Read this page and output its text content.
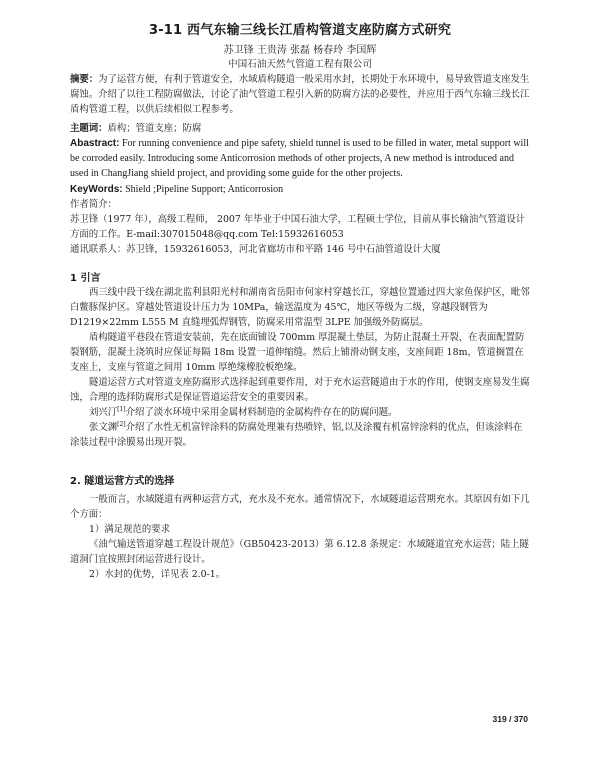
3-11 西气东输三线长江盾构管道支座防腐方式研究
苏卫锋 王贵涛 张磊 杨春玲 李国辉
中国石油天然气管道工程有限公司

摘要：为了运营方便，有利于管道安全，水域盾构隧道一般采用水封，长期处于水环境中，易导致管道支座发生腐蚀。介绍了以往工程防腐做法，讨论了油气管道工程引入新的防腐方法的必要性，并应用于西气东输三线长江盾构管道工程，以供后续相似工程参考。

主题词：盾构；管道支座；防腐

Abastract: For running convenience and pipe safety, shield tunnel is used to be filled in water, metal support will be corroded easily. Introducing some Anticorrosion methods of other projects, A new method is introduced and used in ChangJiang shield project, and providing some guide for the other projects.

KeyWords: Shield ;Pipeline Support; Anticorrosion

作者简介：

苏卫锋（1977 年），高级工程师， 2007 年毕业于中国石油大学，工程硕士学位，目前从事长输油气管道设计方面的工作。E-mail:307015048@qq.com Tel:15932616053

通讯联系人：苏卫锋，15932616053，河北省廊坊市和平路 146 号中石油管道设计大厦

1 引言

西三线中段干线在湖北监利县阳光村和湖南省岳阳市何家村穿越长江，穿越位置通过四大家鱼保护区，毗邻白鳖豚保护区。穿越处管道设计压力为 10MPa，输送温度为 45℃，地区等级为二级，穿越段钢管为 D1219×22mm L555 M 直缝埋弧焊钢管，防腐采用常温型 3LPE 加强级外防腐层。

盾构隧道平巷段在管道安装前，先在底面铺设 700mm 厚混凝土垫层，为防止混凝土开裂，在表面配置防裂钢筋，混凝土浇筑时应保证每隔 18m 设置一道伸缩缝。然后上铺滑动钢支座，支座间距 18m，管道搁置在支座上，支座与管道之间用 10mm 厚绝缘橡胶板绝缘。

隧道运营方式对管道支座防腐形式选择起到重要作用，对于充水运营隧道由于水的作用，使钢支座易发生腐蚀，合理的选择防腐形式是保证管道运营安全的重要因素。

刘兴汀[1]介绍了淡水环境中采用金属材料制造的金属构件存在的防腐问题。

张文渊[2]介绍了水性无机富锌涂料的防腐处理兼有热喷锌、铝,以及涂覆有机富锌涂料的优点，但该涂料在涂装过程中涂膜易出现开裂。

2. 隧道运营方式的选择

一般而言，水域隧道有两种运营方式，充水及不充水。通常情况下，水域隧道运营期充水。其原因有如下几个方面：

1）满足规范的要求

《油气输送管道穿越工程设计规范》（GB50423-2013）第 6.12.8 条规定：水域隧道宜充水运营；陆上隧道洞门宜按照封闭运营进行设计。

2）水封的优势，详见表 2.0-1。

319 / 370
